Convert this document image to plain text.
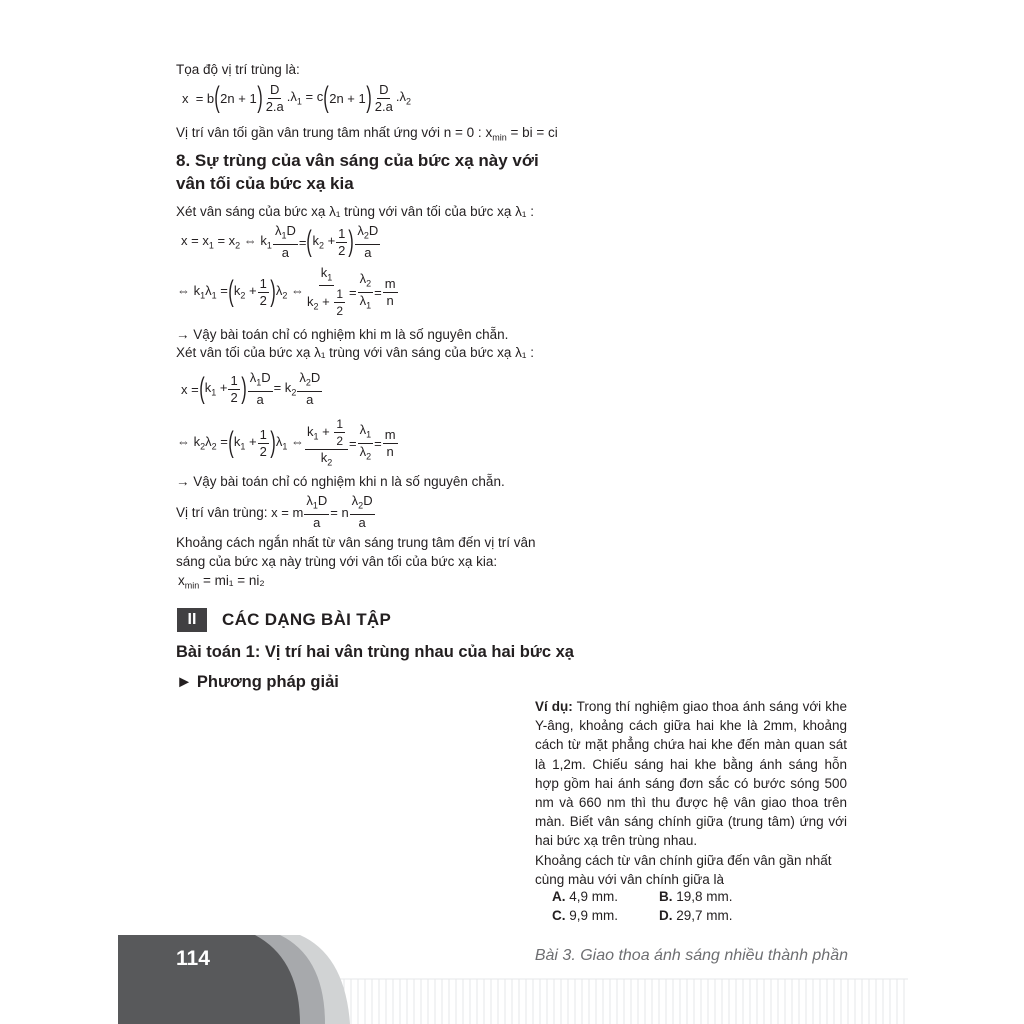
Tọa độ vị trí trùng là:
x  = b ( 2n + 1 ) $\frac{D}{2.a} .\lambda_1 = c$ ( 2n + 1 ) $\frac{D}{2.a} .\lambda_2$
Vị trí vân tối gần vân trung tâm nhất ứng với n = 0 : $x_{min}$ = bi = ci
8. Sự trùng của vân sáng của bức xạ này với
vân tối của bức xạ kia
Xét vân sáng của bức xạ λ₁ trùng với vân tối của bức xạ λ₁ :
$x = x_1 = x_2$ ⇔ $k_1 \frac{\lambda_1D}{a}$ = ( $k_2 + \frac{1}{2}$ ) $\frac{\lambda_2D}{a}$
⇔ $k_1\lambda_1$ = ( $k_2 + \frac{1}{2}$ ) $\lambda_2$ ⇔ $\frac{k_1}{k_2 + \frac{1}{2}} = \frac{\lambda_2}{\lambda_1} = \frac{m}{n}$
→ Vậy bài toán chỉ có nghiệm khi m là số nguyên chẵn.
Xét vân tối của bức xạ λ₁ trùng với vân sáng của bức xạ λ₁ :
x = ( $k_1 + \frac{1}{2}$ ) $\frac{\lambda_1D}{a} = k_2 \frac{\lambda_2D}{a}$
⇔ $k_2\lambda_2$ = ( $k_1 + \frac{1}{2}$ ) $\lambda_1$ ⇔ $\frac{k_1 + \frac{1}{2}}{k_2} = \frac{\lambda_1}{\lambda_2} = \frac{m}{n}$
→ Vậy bài toán chỉ có nghiệm khi n là số nguyên chẵn.
Vị trí vân trùng:
x = m $\frac{\lambda_1D}{a} = n \frac{\lambda_2D}{a}$
Khoảng cách ngắn nhất từ vân sáng trung tâm đến vị trí vân
sáng của bức xạ này trùng với vân tối của bức xạ kia:
$x_{min} = mi_1 = ni_2$
II	CÁC DẠNG BÀI TẬP
Bài toán 1: Vị trí hai vân trùng nhau của hai bức xạ
► Phương pháp giải
Ví dụ: Trong thí nghiệm giao thoa ánh sáng với khe Y-âng, khoảng cách giữa hai khe là 2mm, khoảng cách từ mặt phẳng chứa hai khe đến màn quan sát là 1,2m. Chiếu sáng hai khe bằng ánh sáng hỗn hợp gồm hai ánh sáng đơn sắc có bước sóng 500 nm và 660 nm thì thu được hệ vân giao thoa trên màn. Biết vân sáng chính giữa (trung tâm) ứng với hai bức xạ trên trùng nhau.
Khoảng cách từ vân chính giữa đến vân gần nhất cùng màu với vân chính giữa là
A. 4,9 mm.	B. 19,8 mm.
C. 9,9 mm.	D. 29,7 mm.
114	Bài 3. Giao thoa ánh sáng nhiều thành phần
